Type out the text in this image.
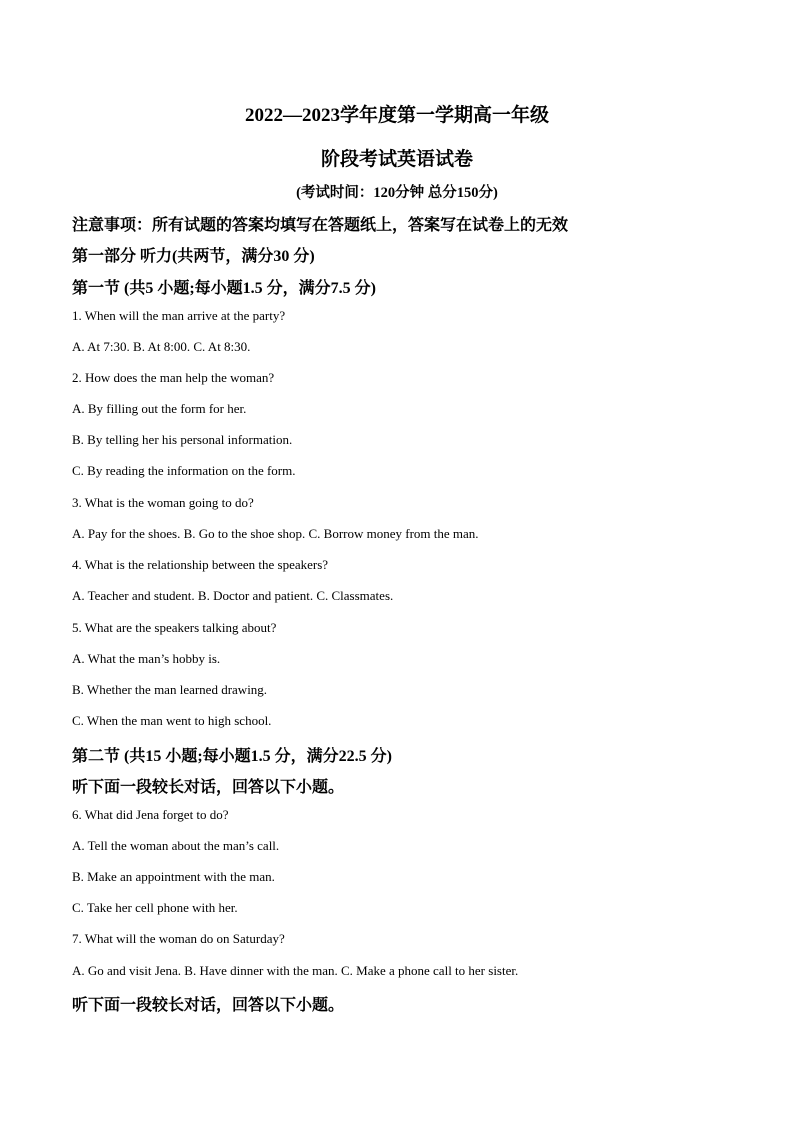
2022—2023学年度第一学期高一年级
阶段考试英语试卷
(考试时间：120分钟 总分150分)
注意事项：所有试题的答案均填写在答题纸上，答案写在试卷上的无效
第一部分 听力(共两节，满分30 分)
第一节 (共5 小题;每小题1.5 分，满分7.5 分)
1. When will the man arrive at the party?
A. At 7:30. B. At 8:00. C. At 8:30.
2. How does the man help the woman?
A. By filling out the form for her.
B. By telling her his personal information.
C. By reading the information on the form.
3. What is the woman going to do?
A. Pay for the shoes. B. Go to the shoe shop. C. Borrow money from the man.
4. What is the relationship between the speakers?
A. Teacher and student. B. Doctor and patient. C. Classmates.
5. What are the speakers talking about?
A. What the man’s hobby is.
B. Whether the man learned drawing.
C. When the man went to high school.
第二节 (共15 小题;每小题1.5 分，满分22.5 分)
听下面一段较长对话，回答以下小题。
6. What did Jena forget to do?
A. Tell the woman about the man’s call.
B. Make an appointment with the man.
C. Take her cell phone with her.
7. What will the woman do on Saturday?
A. Go and visit Jena. B. Have dinner with the man. C. Make a phone call to her sister.
听下面一段较长对话，回答以下小题。
